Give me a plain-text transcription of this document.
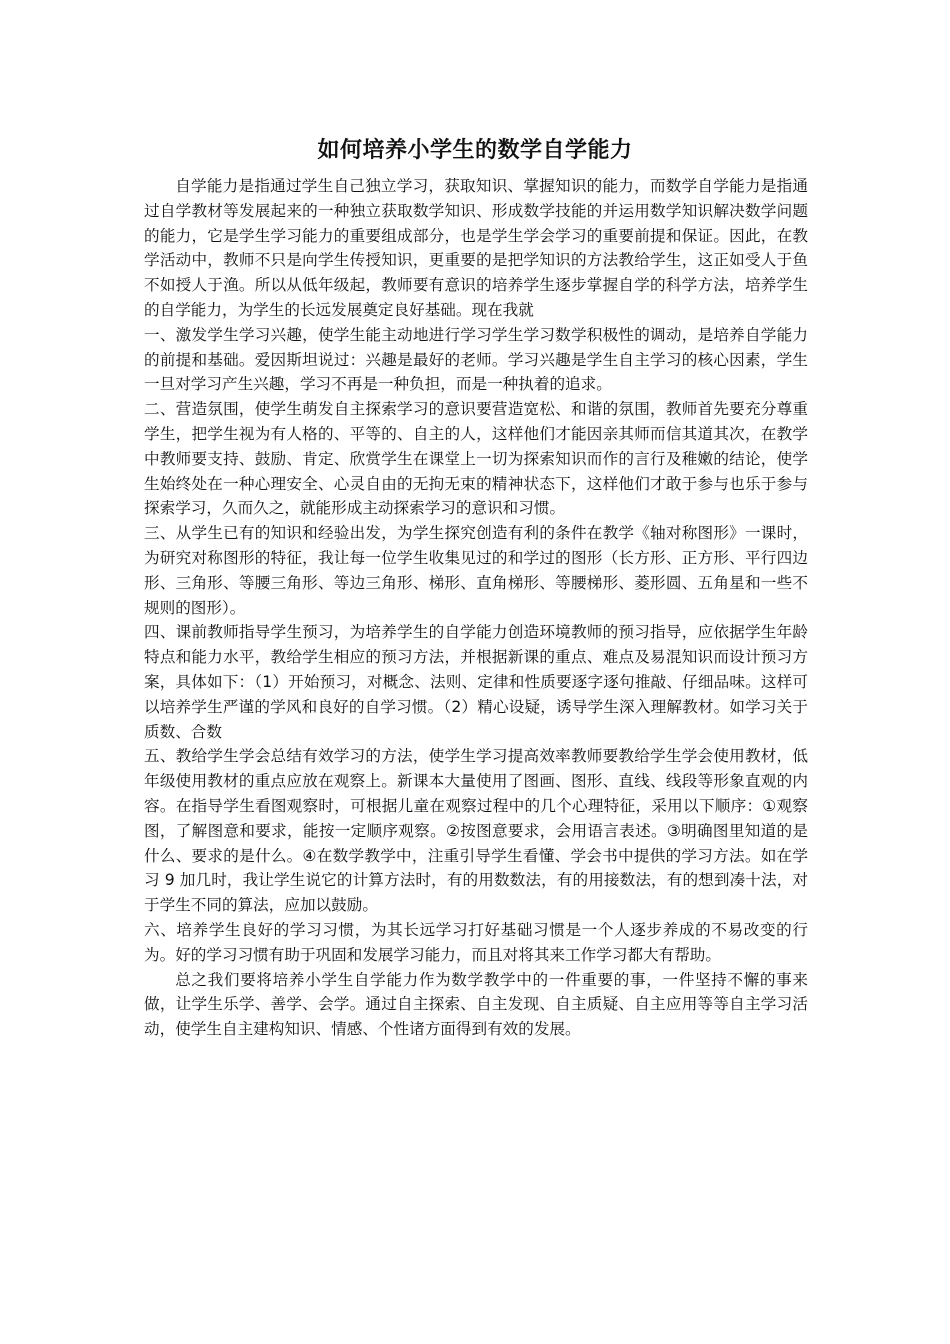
如何培养小学生的数学自学能力

自学能力是指通过学生自己独立学习，获取知识、掌握知识的能力，而数学自学能力是指通过自学教材等发展起来的一种独立获取数学知识、形成数学技能的并运用数学知识解决数学问题的能力，它是学生学习能力的重要组成部分，也是学生学会学习的重要前提和保证。因此，在教学活动中，教师不只是向学生传授知识，更重要的是把学知识的方法教给学生，这正如受人于鱼不如授人于渔。所以从低年级起，教师要有意识的培养学生逐步掌握自学的科学方法，培养学生的自学能力，为学生的长远发展奠定良好基础。现在我就

一、激发学生学习兴趣，使学生能主动地进行学习学生学习数学积极性的调动，是培养自学能力的前提和基础。爱因斯坦说过：兴趣是最好的老师。学习兴趣是学生自主学习的核心因素，学生一旦对学习产生兴趣，学习不再是一种负担，而是一种执着的追求。

二、营造氛围，使学生萌发自主探索学习的意识要营造宽松、和谐的氛围，教师首先要充分尊重学生，把学生视为有人格的、平等的、自主的人，这样他们才能因亲其师而信其道其次，在教学中教师要支持、鼓励、肯定、欣赏学生在课堂上一切为探索知识而作的言行及稚嫩的结论，使学生始终处在一种心理安全、心灵自由的无拘无束的精神状态下，这样他们才敢于参与也乐于参与探索学习，久而久之，就能形成主动探索学习的意识和习惯。

三、从学生已有的知识和经验出发，为学生探究创造有利的条件在教学《轴对称图形》一课时，为研究对称图形的特征，我让每一位学生收集见过的和学过的图形（长方形、正方形、平行四边形、三角形、等腰三角形、等边三角形、梯形、直角梯形、等腰梯形、菱形圆、五角星和一些不规则的图形）。

四、课前教师指导学生预习，为培养学生的自学能力创造环境教师的预习指导，应依据学生年龄特点和能力水平，教给学生相应的预习方法，并根据新课的重点、难点及易混知识而设计预习方案，具体如下：（1）开始预习，对概念、法则、定律和性质要逐字逐句推敲、仔细品味。这样可以培养学生严谨的学风和良好的自学习惯。（2）精心设疑，诱导学生深入理解教材。如学习关于质数、合数

五、教给学生学会总结有效学习的方法，使学生学习提高效率教师要教给学生学会使用教材，低年级使用教材的重点应放在观察上。新课本大量使用了图画、图形、直线、线段等形象直观的内容。在指导学生看图观察时，可根据儿童在观察过程中的几个心理特征，采用以下顺序：①观察图，了解图意和要求，能按一定顺序观察。②按图意要求，会用语言表述。③明确图里知道的是什么、要求的是什么。④在数学教学中，注重引导学生看懂、学会书中提供的学习方法。如在学习 9 加几时，我让学生说它的计算方法时，有的用数数法，有的用接数法，有的想到凑十法，对于学生不同的算法，应加以鼓励。

六、培养学生良好的学习习惯，为其长远学习打好基础习惯是一个人逐步养成的不易改变的行为。好的学习习惯有助于巩固和发展学习能力，而且对将其来工作学习都大有帮助。

总之我们要将培养小学生自学能力作为数学教学中的一件重要的事，一件坚持不懈的事来做，让学生乐学、善学、会学。通过自主探索、自主发现、自主质疑、自主应用等等自主学习活动，使学生自主建构知识、情感、个性诸方面得到有效的发展。
